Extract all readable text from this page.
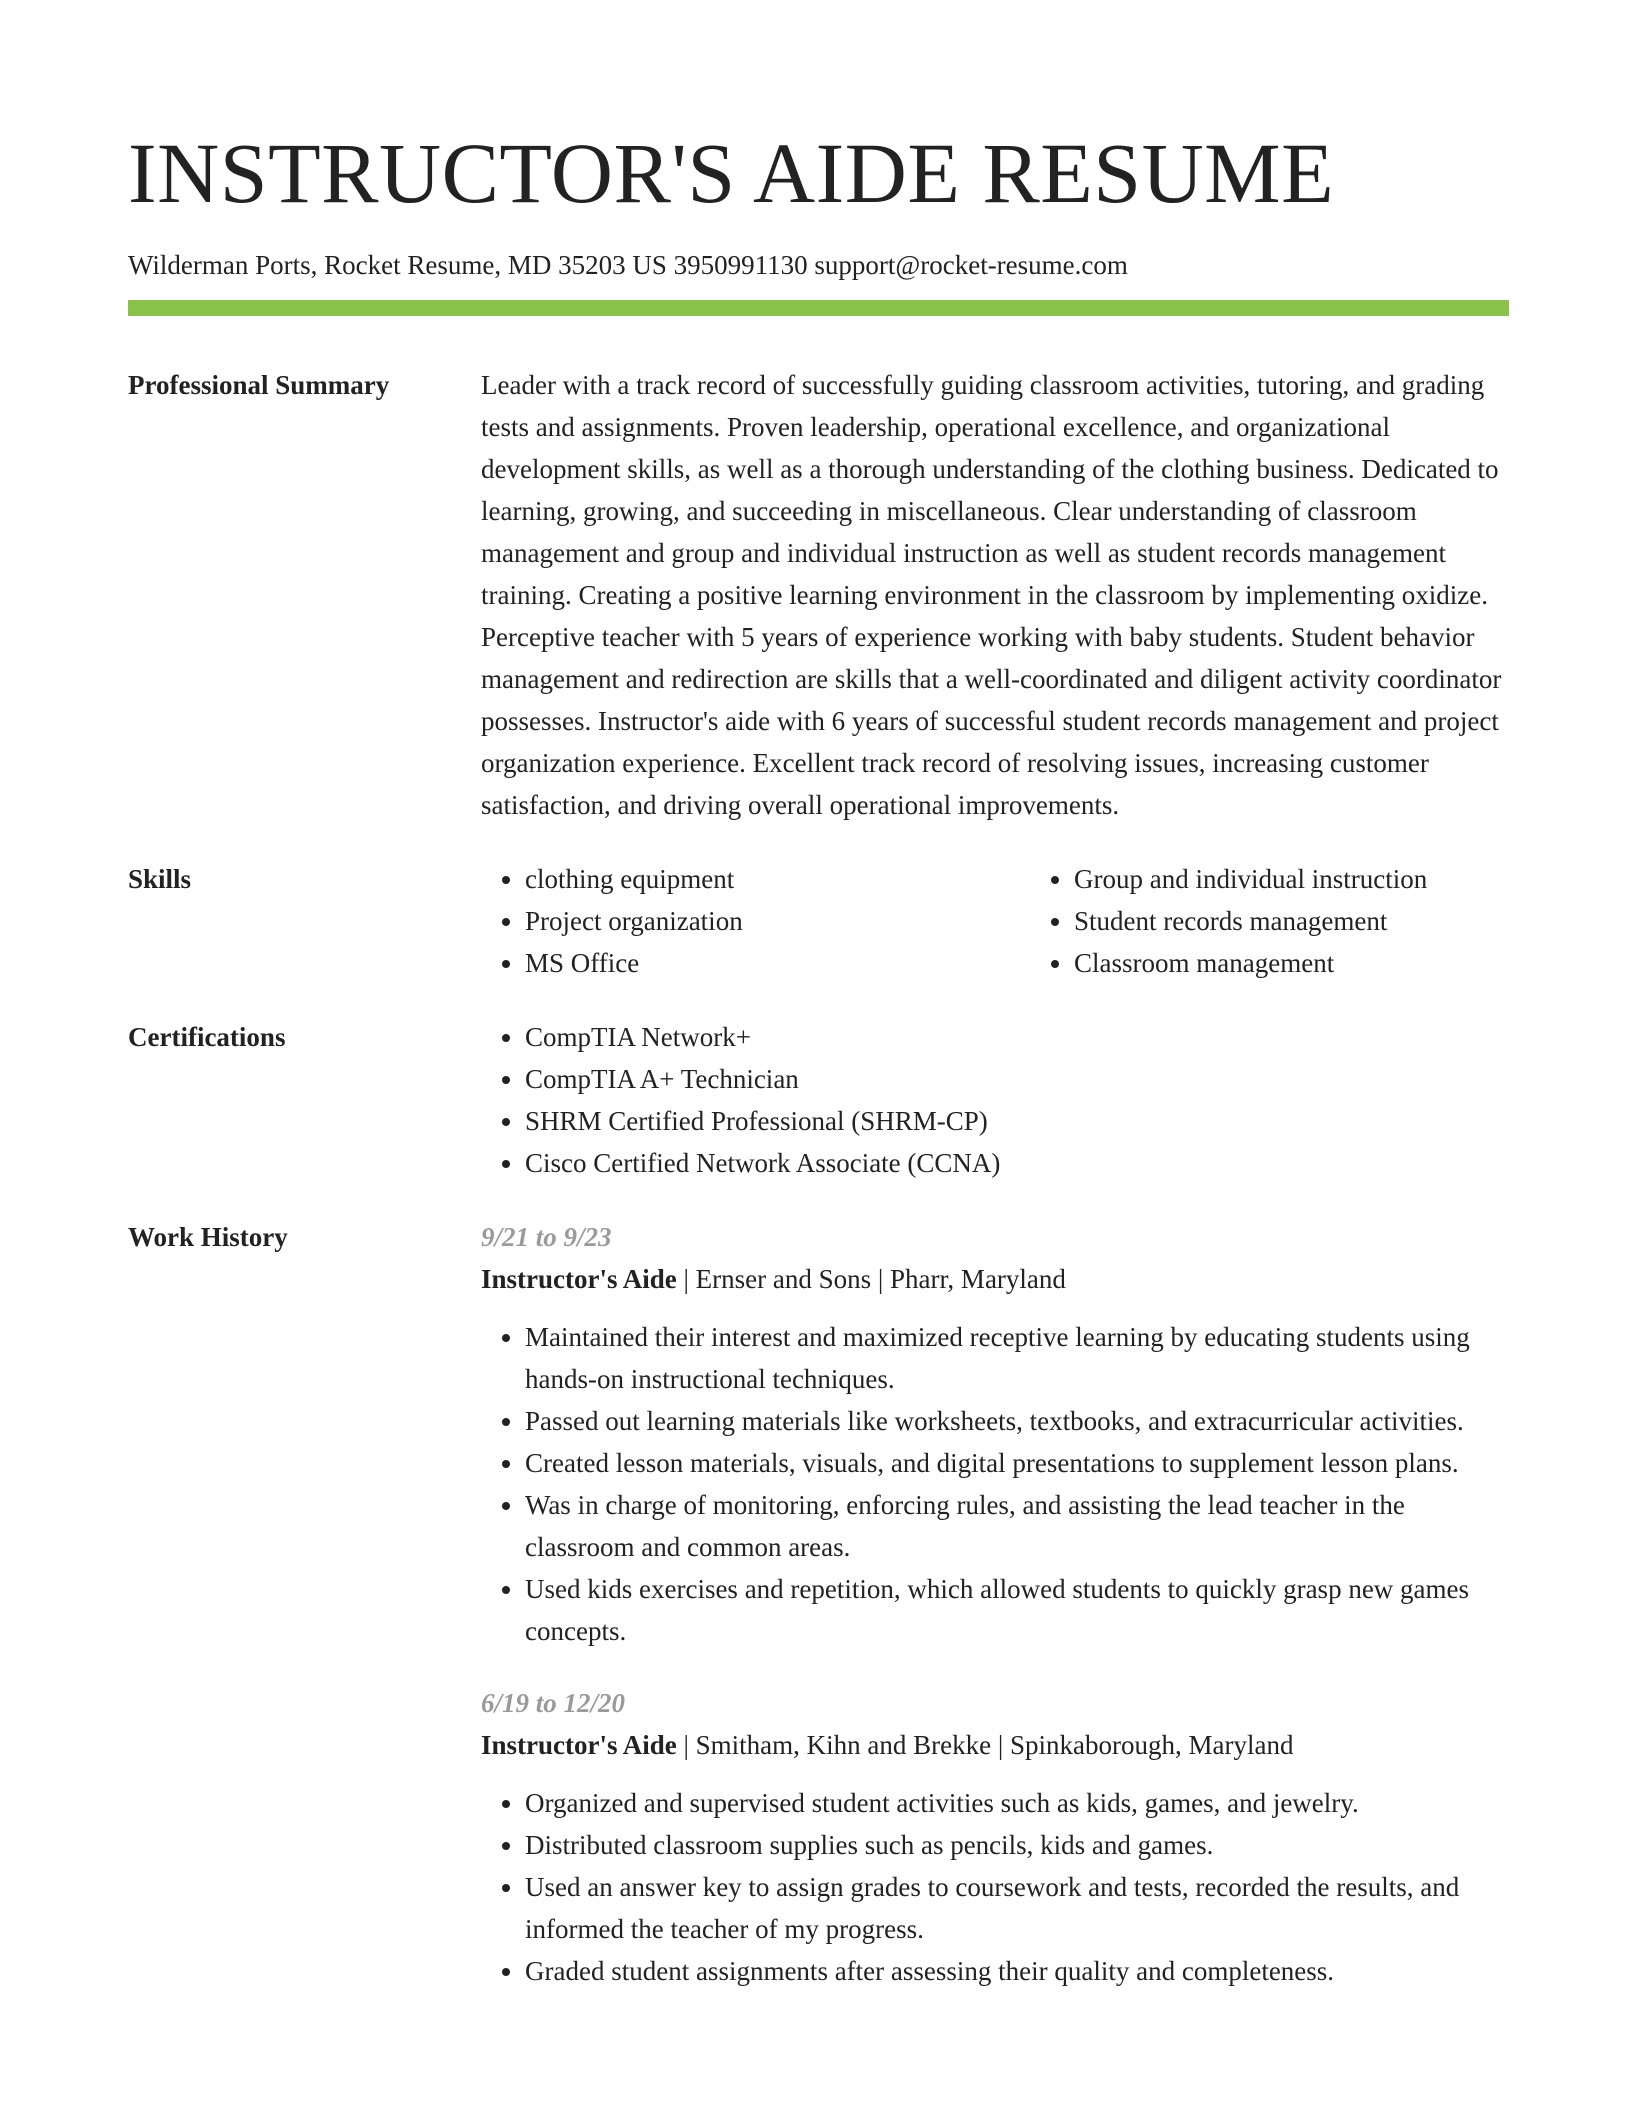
INSTRUCTOR'S AIDE RESUME
Wilderman Ports, Rocket Resume, MD 35203 US 3950991130 support@rocket-resume.com
Professional Summary	Leader with a track record of successfully guiding classroom activities, tutoring, and grading tests and assignments. Proven leadership, operational excellence, and organizational development skills, as well as a thorough understanding of the clothing business. Dedicated to learning, growing, and succeeding in miscellaneous. Clear understanding of classroom management and group and individual instruction as well as student records management training. Creating a positive learning environment in the classroom by implementing oxidize. Perceptive teacher with 5 years of experience working with baby students. Student behavior management and redirection are skills that a well-coordinated and diligent activity coordinator possesses. Instructor's aide with 6 years of successful student records management and project organization experience. Excellent track record of resolving issues, increasing customer satisfaction, and driving overall operational improvements.

Skills	• clothing equipment
• Project organization
• MS Office
• Group and individual instruction
• Student records management
• Classroom management
Certifications	• CompTIA Network+
• CompTIA A+ Technician
• SHRM Certified Professional (SHRM-CP)
• Cisco Certified Network Associate (CCNA)
Work History	9/21 to 9/23
Instructor's Aide | Ernser and Sons | Pharr, Maryland
• Maintained their interest and maximized receptive learning by educating students using hands-on instructional techniques.
• Passed out learning materials like worksheets, textbooks, and extracurricular activities.
• Created lesson materials, visuals, and digital presentations to supplement lesson plans.
• Was in charge of monitoring, enforcing rules, and assisting the lead teacher in the classroom and common areas.
• Used kids exercises and repetition, which allowed students to quickly grasp new games concepts.
6/19 to 12/20
Instructor's Aide | Smitham, Kihn and Brekke | Spinkaborough, Maryland
• Organized and supervised student activities such as kids, games, and jewelry.
• Distributed classroom supplies such as pencils, kids and games.
• Used an answer key to assign grades to coursework and tests, recorded the results, and informed the teacher of my progress.
• Graded student assignments after assessing their quality and completeness.
